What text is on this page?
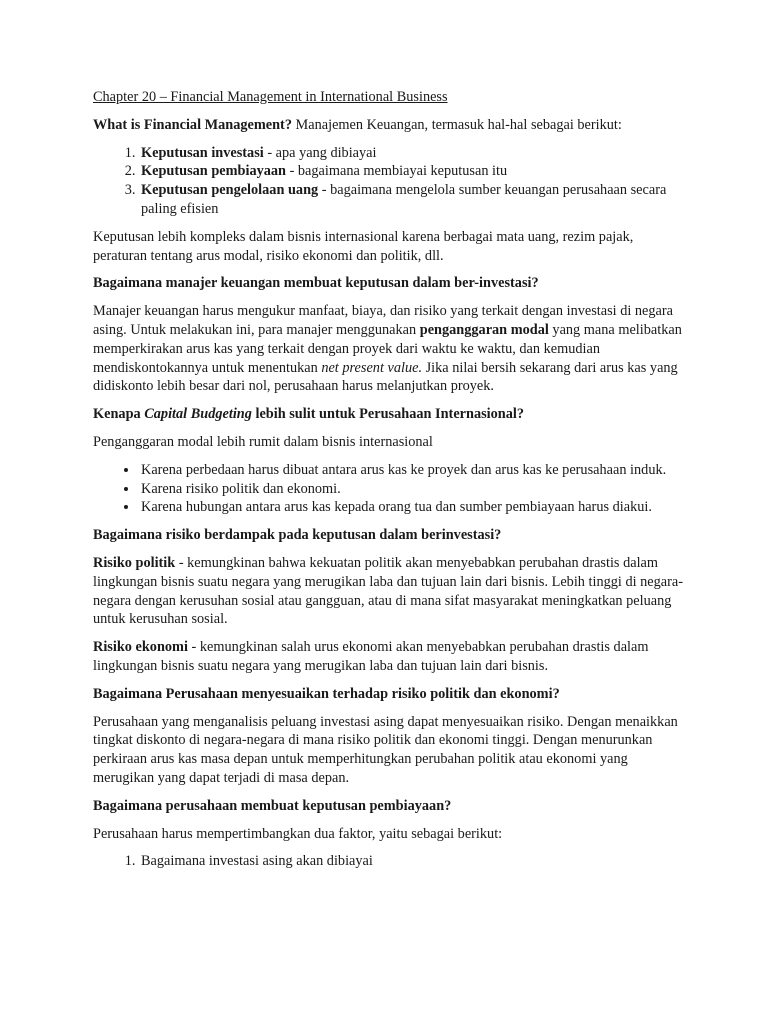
Chapter 20 – Financial Management in International Business

What is Financial Management? Manajemen Keuangan, termasuk hal-hal sebagai berikut:

1. Keputusan investasi - apa yang dibiayai
2. Keputusan pembiayaan - bagaimana membiayai keputusan itu
3. Keputusan pengelolaan uang - bagaimana mengelola sumber keuangan perusahaan secara paling efisien

Keputusan lebih kompleks dalam bisnis internasional karena berbagai mata uang, rezim pajak, peraturan tentang arus modal, risiko ekonomi dan politik, dll.

Bagaimana manajer keuangan membuat keputusan dalam ber-investasi?

Manajer keuangan harus mengukur manfaat, biaya, dan risiko yang terkait dengan investasi di negara asing. Untuk melakukan ini, para manajer menggunakan penganggaran modal yang mana melibatkan memperkirakan arus kas yang terkait dengan proyek dari waktu ke waktu, dan kemudian mendiskontokannya untuk menentukan net present value. Jika nilai bersih sekarang dari arus kas yang didiskonto lebih besar dari nol, perusahaan harus melanjutkan proyek.

Kenapa Capital Budgeting lebih sulit untuk Perusahaan Internasional?

Penganggaran modal lebih rumit dalam bisnis internasional

• Karena perbedaan harus dibuat antara arus kas ke proyek dan arus kas ke perusahaan induk.
• Karena risiko politik dan ekonomi.
• Karena hubungan antara arus kas kepada orang tua dan sumber pembiayaan harus diakui.
Bagaimana risiko berdampak pada keputusan dalam berinvestasi?

Risiko politik - kemungkinan bahwa kekuatan politik akan menyebabkan perubahan drastis dalam lingkungan bisnis suatu negara yang merugikan laba dan tujuan lain dari bisnis. Lebih tinggi di negara-negara dengan kerusuhan sosial atau gangguan, atau di mana sifat masyarakat meningkatkan peluang untuk kerusuhan sosial.

Risiko ekonomi - kemungkinan salah urus ekonomi akan menyebabkan perubahan drastis dalam lingkungan bisnis suatu negara yang merugikan laba dan tujuan lain dari bisnis.

Bagaimana Perusahaan menyesuaikan terhadap risiko politik dan ekonomi?

Perusahaan yang menganalisis peluang investasi asing dapat menyesuaikan risiko. Dengan menaikkan tingkat diskonto di negara-negara di mana risiko politik dan ekonomi tinggi. Dengan menurunkan perkiraan arus kas masa depan untuk memperhitungkan perubahan politik atau ekonomi yang merugikan yang dapat terjadi di masa depan.

Bagaimana perusahaan membuat keputusan pembiayaan?

Perusahaan harus mempertimbangkan dua faktor, yaitu sebagai berikut:

1. Bagaimana investasi asing akan dibiayai
